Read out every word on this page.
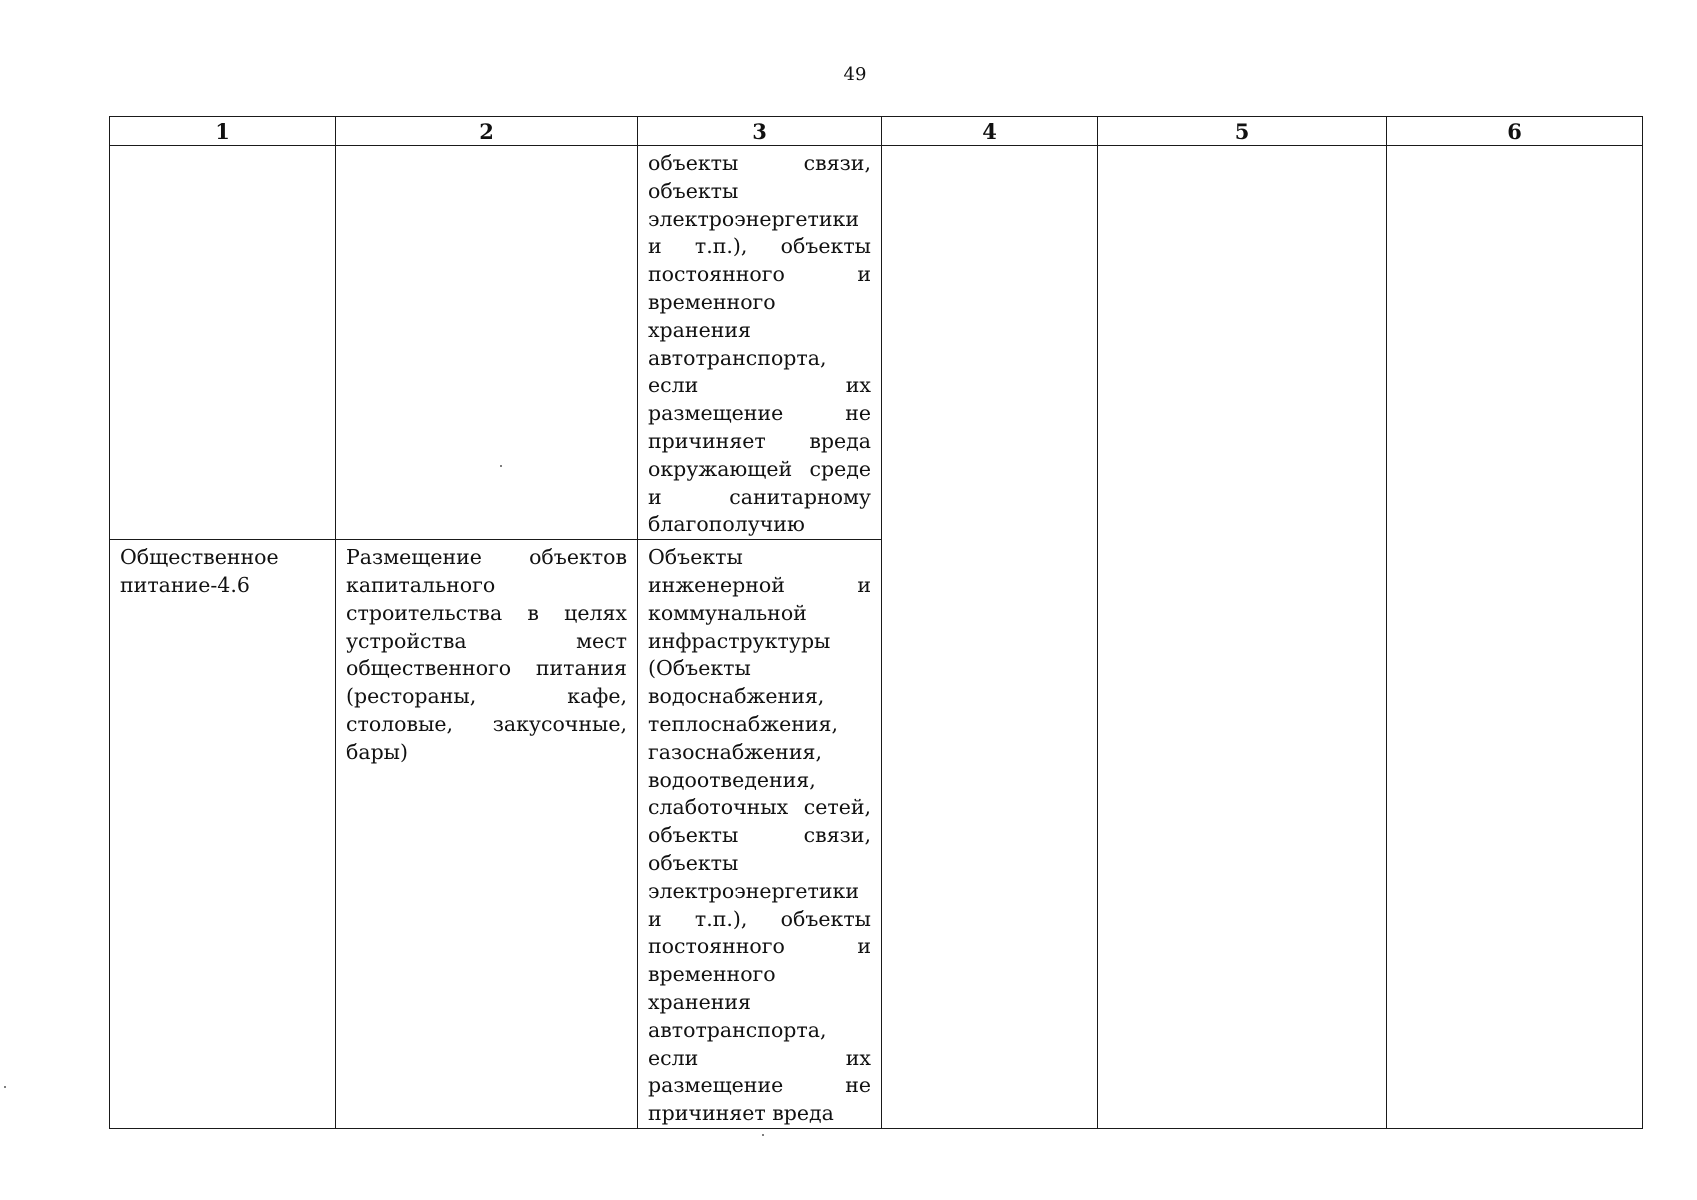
49
1	2	3	4	5	6

		объекты связи, объекты электроэнергетики и т.п.), объекты постоянного и временного хранения автотранспорта, если их размещение не причиняет вреда окружающей среде и санитарному благополучию			

Общественное питание-4.6	Размещение объектов капитального строительства в целях устройства мест общественного питания (рестораны, кафе, столовые, закусочные, бары)	Объекты инженерной и коммунальной инфраструктуры (Объекты водоснабжения, теплоснабжения, газоснабжения, водоотведения, слаботочных сетей, объекты связи, объекты электроэнергетики и т.п.), объекты постоянного и временного хранения автотранспорта, если их размещение не причиняет вреда			
